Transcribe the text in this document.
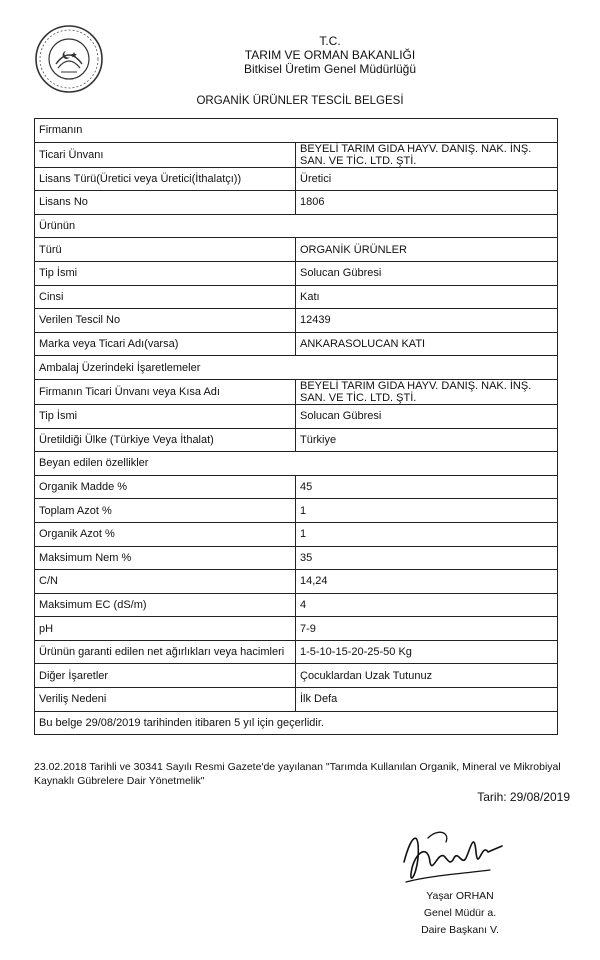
T.C.
TARIM VE ORMAN BAKANLIĞI
Bitkisel Üretim Genel Müdürlüğü
ORGANİK ÜRÜNLER TESCİL BELGESİ
Firmanın	
Ticari Ünvanı	BEYELİ TARIM GIDA HAYV. DANIŞ. NAK. İNŞ. SAN. VE TİC. LTD. ŞTİ.
Lisans Türü(Üretici veya Üretici(İthalatçı))	Üretici
Lisans No	1806
Ürünün	
Türü	ORGANİK ÜRÜNLER
Tip İsmi	Solucan Gübresi
Cinsi	Katı
Verilen Tescil No	12439
Marka veya Ticari Adı(varsa)	ANKARASOLUCAN KATI
Ambalaj Üzerindeki İşaretlemeler	
Firmanın Ticari Ünvanı veya Kısa Adı	BEYELİ TARIM GIDA HAYV. DANIŞ. NAK. İNŞ. SAN. VE TİC. LTD. ŞTİ.
Tip İsmi	Solucan Gübresi
Üretildiği Ülke (Türkiye Veya İthalat)	Türkiye
Beyan edilen özellikler	
Organik Madde %	45
Toplam Azot %	1
Organik Azot %	1
Maksimum Nem %	35
C/N	14,24
Maksimum EC (dS/m)	4
pH	7-9
Ürünün garanti edilen net ağırlıkları veya hacimleri	1-5-10-15-20-25-50 Kg
Diğer İşaretler	Çocuklardan Uzak Tutunuz
Veriliş Nedeni	İlk Defa
Bu belge 29/08/2019 tarihinden itibaren 5 yıl için geçerlidir.	
23.02.2018 Tarihli ve 30341 Sayılı Resmi Gazete'de yayılanan "Tarımda Kullanılan Organik, Mineral ve Mikrobiyal Kaynaklı Gübrelere Dair Yönetmelik"
Tarih: 29/08/2019
Yaşar ORHAN
Genel Müdür a.
Daire Başkanı V.
